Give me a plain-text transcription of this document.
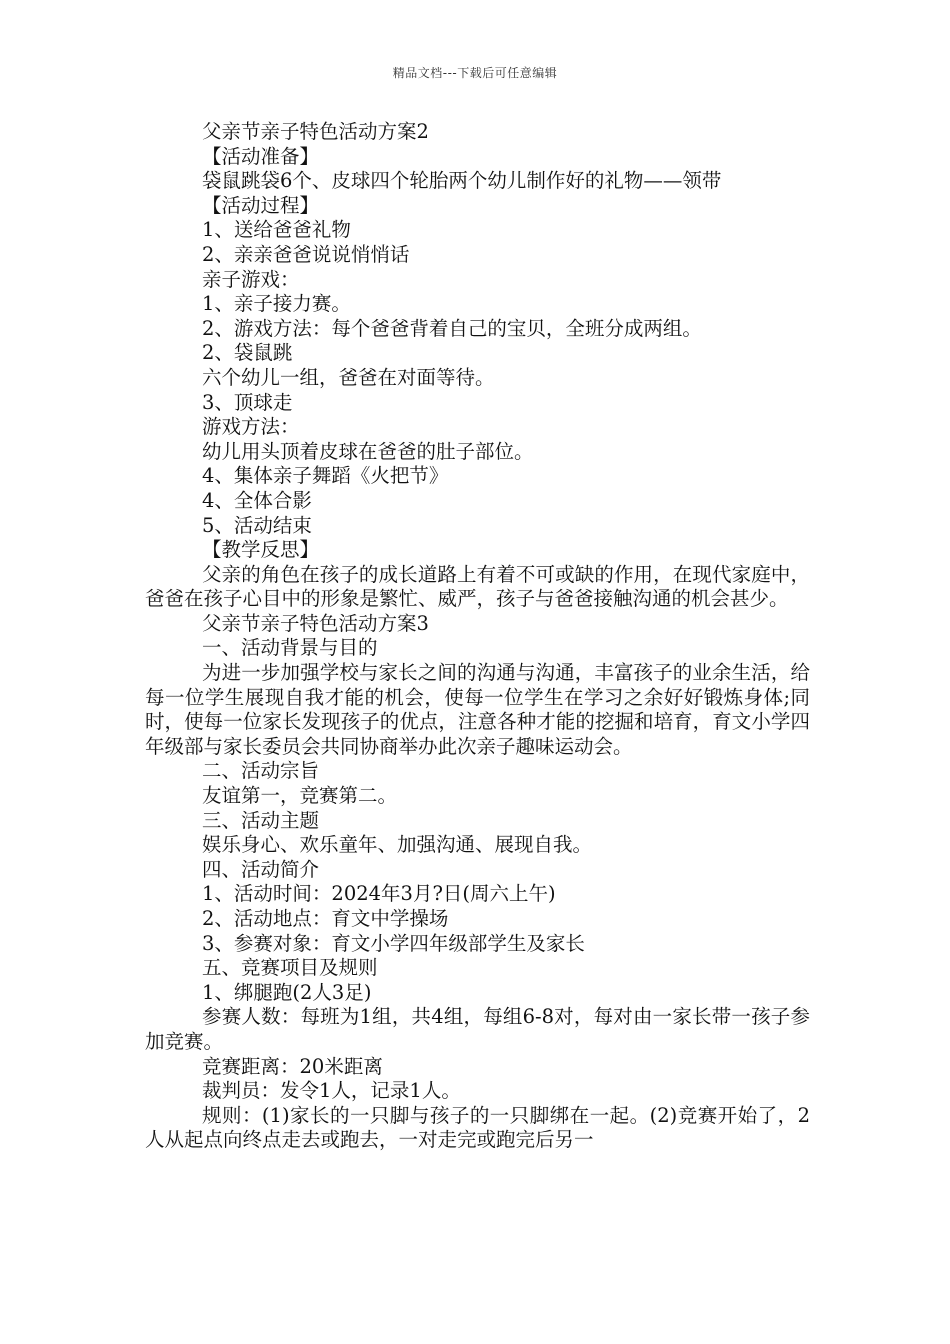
精品文档---下载后可任意编辑

父亲节亲子特色活动方案2

【活动准备】

袋鼠跳袋6个、皮球四个轮胎两个幼儿制作好的礼物——领带

【活动过程】

1、送给爸爸礼物

2、亲亲爸爸说说悄悄话

亲子游戏：

1、亲子接力赛。

2、游戏方法：每个爸爸背着自己的宝贝，全班分成两组。

2、袋鼠跳

六个幼儿一组，爸爸在对面等待。

3、顶球走

游戏方法：

幼儿用头顶着皮球在爸爸的肚子部位。

4、集体亲子舞蹈《火把节》

4、全体合影

5、活动结束

【教学反思】

父亲的角色在孩子的成长道路上有着不可或缺的作用，在现代家庭中，爸爸在孩子心目中的形象是繁忙、威严，孩子与爸爸接触沟通的机会甚少。

父亲节亲子特色活动方案3

一、活动背景与目的

为进一步加强学校与家长之间的沟通与沟通，丰富孩子的业余生活，给每一位学生展现自我才能的机会，使每一位学生在学习之余好好锻炼身体;同时，使每一位家长发现孩子的优点，注意各种才能的挖掘和培育，育文小学四年级部与家长委员会共同协商举办此次亲子趣味运动会。

二、活动宗旨

友谊第一，竞赛第二。

三、活动主题

娱乐身心、欢乐童年、加强沟通、展现自我。

四、活动简介

1、活动时间：2024年3月?日(周六上午)

2、活动地点：育文中学操场

3、参赛对象：育文小学四年级部学生及家长

五、竞赛项目及规则

1、绑腿跑(2人3足)

参赛人数：每班为1组，共4组，每组6-8对，每对由一家长带一孩子参加竞赛。

竞赛距离：20米距离

裁判员：发令1人，记录1人。

规则：(1)家长的一只脚与孩子的一只脚绑在一起。(2)竞赛开始了，2人从起点向终点走去或跑去，一对走完或跑完后另一
